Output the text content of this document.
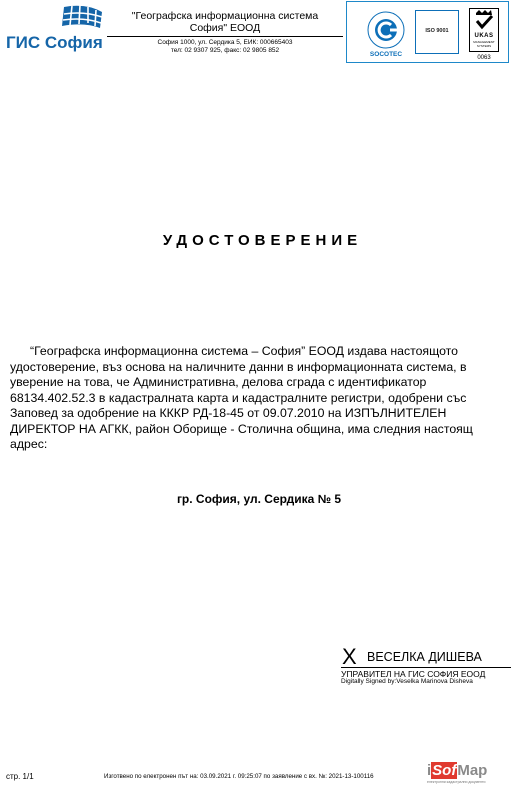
ГИС София
"Географска информационна система
София" ЕООД
София 1000, ул. Сердика 5, ЕИК: 000665403
тел: 02 9307 925, факс: 02 9805 852
SOCOTEC
ISO 9001
UKAS
MANAGEMENT SYSTEMS
0063
УДОСТОВЕРЕНИЕ
“Географска информационна система – София” ЕООД издава настоящото удостоверение, въз основа на наличните данни в информационната система, в уверение на това, че Административна, делова сграда с идентификатор 68134.402.52.3 в кадастралната карта и кадастралните регистри, одобрени със Заповед за одобрение на КККР РД-18-45 от 09.07.2010 на ИЗПЪЛНИТЕЛЕН ДИРЕКТОР НА АГКК, район Оборище - Столична община, има следния настоящ адрес:
гр. София, ул. Сердика № 5
X ВЕСЕЛКА ДИШЕВА
УПРАВИТЕЛ НА ГИС СОФИЯ ЕООД
Digitally Signed by:Veselka Marinova Disheva
стр. 1/1	Изготвено по електронен път на: 03.09.2021 г. 09:25:07 по заявление с вх. №: 2021-13-100116	iSofMap
електронни кадастрални документи
